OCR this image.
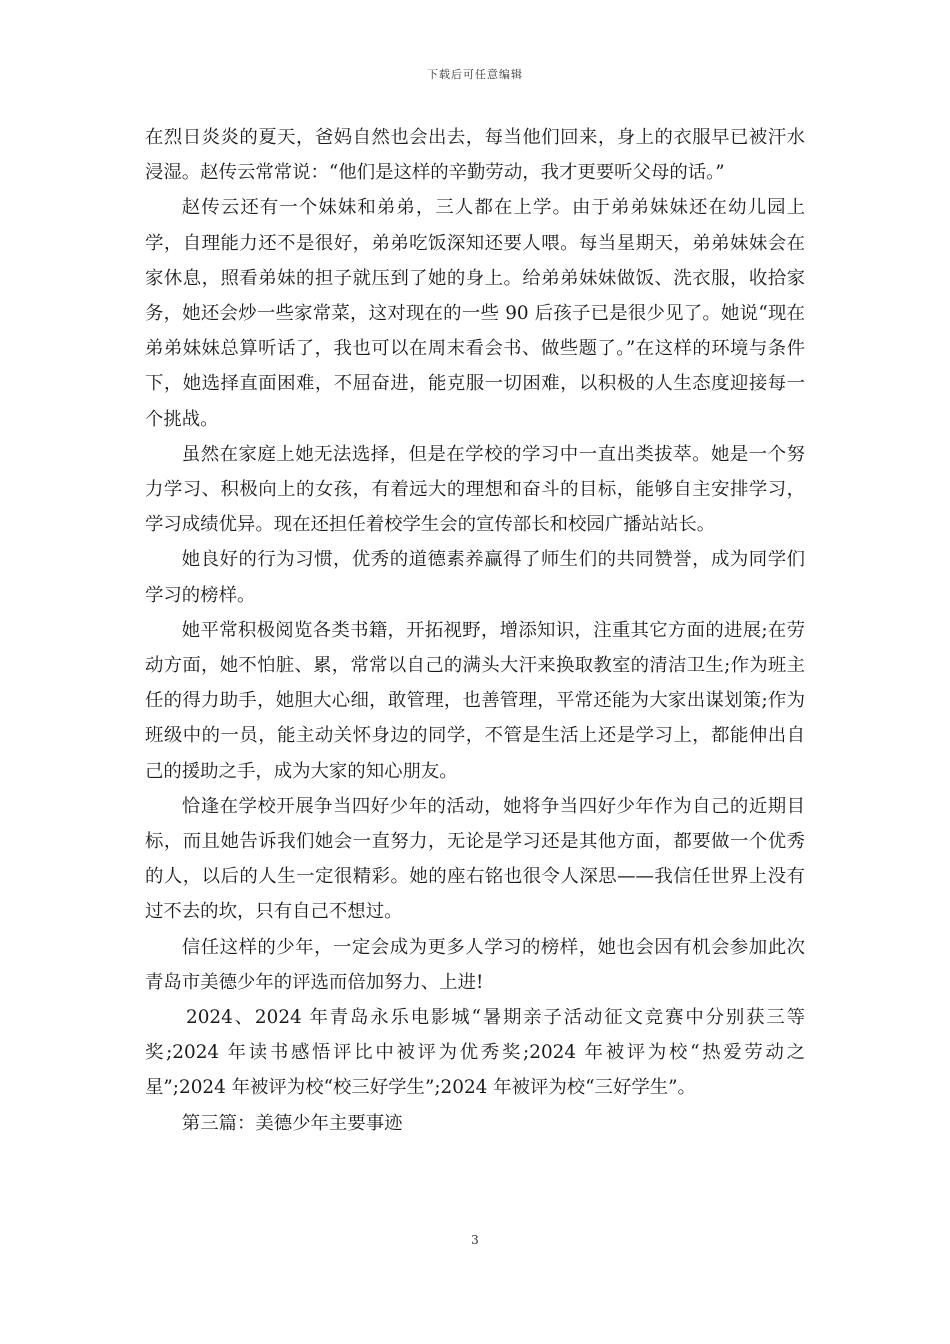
下载后可任意编辑

在烈日炎炎的夏天，爸妈自然也会出去，每当他们回来，身上的衣服早已被汗水浸湿。赵传云常常说：“他们是这样的辛勤劳动，我才更要听父母的话。”

赵传云还有一个妹妹和弟弟，三人都在上学。由于弟弟妹妹还在幼儿园上学，自理能力还不是很好，弟弟吃饭深知还要人喂。每当星期天，弟弟妹妹会在家休息，照看弟妹的担子就压到了她的身上。给弟弟妹妹做饭、洗衣服，收拾家务，她还会炒一些家常菜，这对现在的一些 90 后孩子已是很少见了。她说“现在弟弟妹妹总算听话了，我也可以在周末看会书、做些题了。”在这样的环境与条件下，她选择直面困难，不屈奋进，能克服一切困难，以积极的人生态度迎接每一个挑战。

虽然在家庭上她无法选择，但是在学校的学习中一直出类拔萃。她是一个努力学习、积极向上的女孩，有着远大的理想和奋斗的目标，能够自主安排学习，学习成绩优异。现在还担任着校学生会的宣传部长和校园广播站站长。

她良好的行为习惯，优秀的道德素养赢得了师生们的共同赞誉，成为同学们学习的榜样。

她平常积极阅览各类书籍，开拓视野，增添知识，注重其它方面的进展;在劳动方面，她不怕脏、累，常常以自己的满头大汗来换取教室的清洁卫生;作为班主任的得力助手，她胆大心细，敢管理，也善管理，平常还能为大家出谋划策;作为班级中的一员，能主动关怀身边的同学，不管是生活上还是学习上，都能伸出自己的援助之手，成为大家的知心朋友。

恰逢在学校开展争当四好少年的活动，她将争当四好少年作为自己的近期目标，而且她告诉我们她会一直努力，无论是学习还是其他方面，都要做一个优秀的人，以后的人生一定很精彩。她的座右铭也很令人深思——我信任世界上没有过不去的坎，只有自己不想过。

信任这样的少年，一定会成为更多人学习的榜样，她也会因有机会参加此次青岛市美德少年的评选而倍加努力、上进!

2024、2024 年青岛永乐电影城“暑期亲子活动征文竞赛中分别获三等奖;2024 年读书感悟评比中被评为优秀奖;2024 年被评为校“热爱劳动之星”;2024 年被评为校“校三好学生”;2024 年被评为校“三好学生”。

第三篇：美德少年主要事迹

3
